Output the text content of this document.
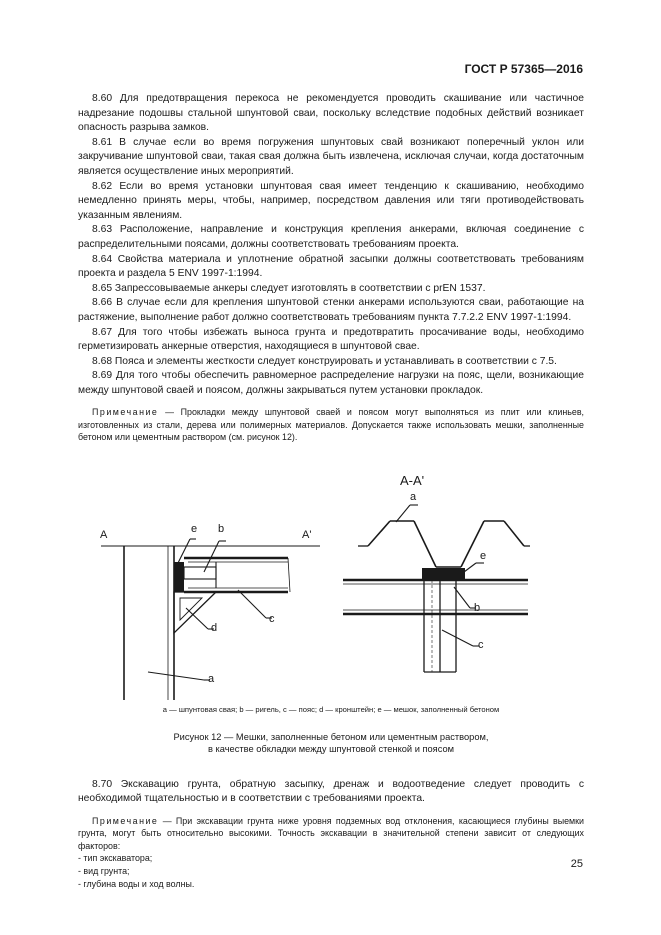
ГОСТ Р 57365—2016

8.60 Для предотвращения перекоса не рекомендуется проводить скашивание или частичное надрезание подошвы стальной шпунтовой сваи, поскольку вследствие подобных действий возникает опасность разрыва замков.

8.61 В случае если во время погружения шпунтовых свай возникают поперечный уклон или закручивание шпунтовой сваи, такая свая должна быть извлечена, исключая случаи, когда достаточным является осуществление иных мероприятий.

8.62 Если во время установки шпунтовая свая имеет тенденцию к скашиванию, необходимо немедленно принять меры, чтобы, например, посредством давления или тяги противодействовать указанным явлениям.

8.63 Расположение, направление и конструкция крепления анкерами, включая соединение с распределительными поясами, должны соответствовать требованиям проекта.

8.64 Свойства материала и уплотнение обратной засыпки должны соответствовать требованиям проекта и раздела 5 ENV 1997-1:1994.

8.65 Запрессовываемые анкеры следует изготовлять в соответствии с prEN 1537.

8.66 В случае если для крепления шпунтовой стенки анкерами используются сваи, работающие на растяжение, выполнение работ должно соответствовать требованиям пункта 7.7.2.2 ENV 1997-1:1994.

8.67 Для того чтобы избежать выноса грунта и предотвратить просачивание воды, необходимо герметизировать анкерные отверстия, находящиеся в шпунтовой свае.

8.68 Пояса и элементы жесткости следует конструировать и устанавливать в соответствии с 7.5.

8.69 Для того чтобы обеспечить равномерное распределение нагрузки на пояс, щели, возникающие между шпунтовой сваей и поясом, должны закрываться путем установки прокладок.

Примечание — Прокладки между шпунтовой сваей и поясом могут выполняться из плит или клиньев, изготовленных из стали, дерева или полимерных материалов. Допускается также использовать мешки, заполненные бетоном или цементным раствором (см. рисунок 12).

A	A'
e b
c
d
a
A-A'
a
e
b
c

a — шпунтовая свая; b — ригель, c — пояс; d — кронштейн; e — мешок, заполненный бетоном

Рисунок 12 — Мешки, заполненные бетоном или цементным раствором,
в качестве обкладки между шпунтовой стенкой и поясом

8.70 Экскавацию грунта, обратную засыпку, дренаж и водоотведение следует проводить с необходимой тщательностью и в соответствии с требованиями проекта.

Примечание — При экскавации грунта ниже уровня подземных вод отклонения, касающиеся глубины выемки грунта, могут быть относительно высокими. Точность экскавации в значительной степени зависит от следующих факторов:

- тип экскаватора;

- вид грунта;

- глубина воды и ход волны.

25
